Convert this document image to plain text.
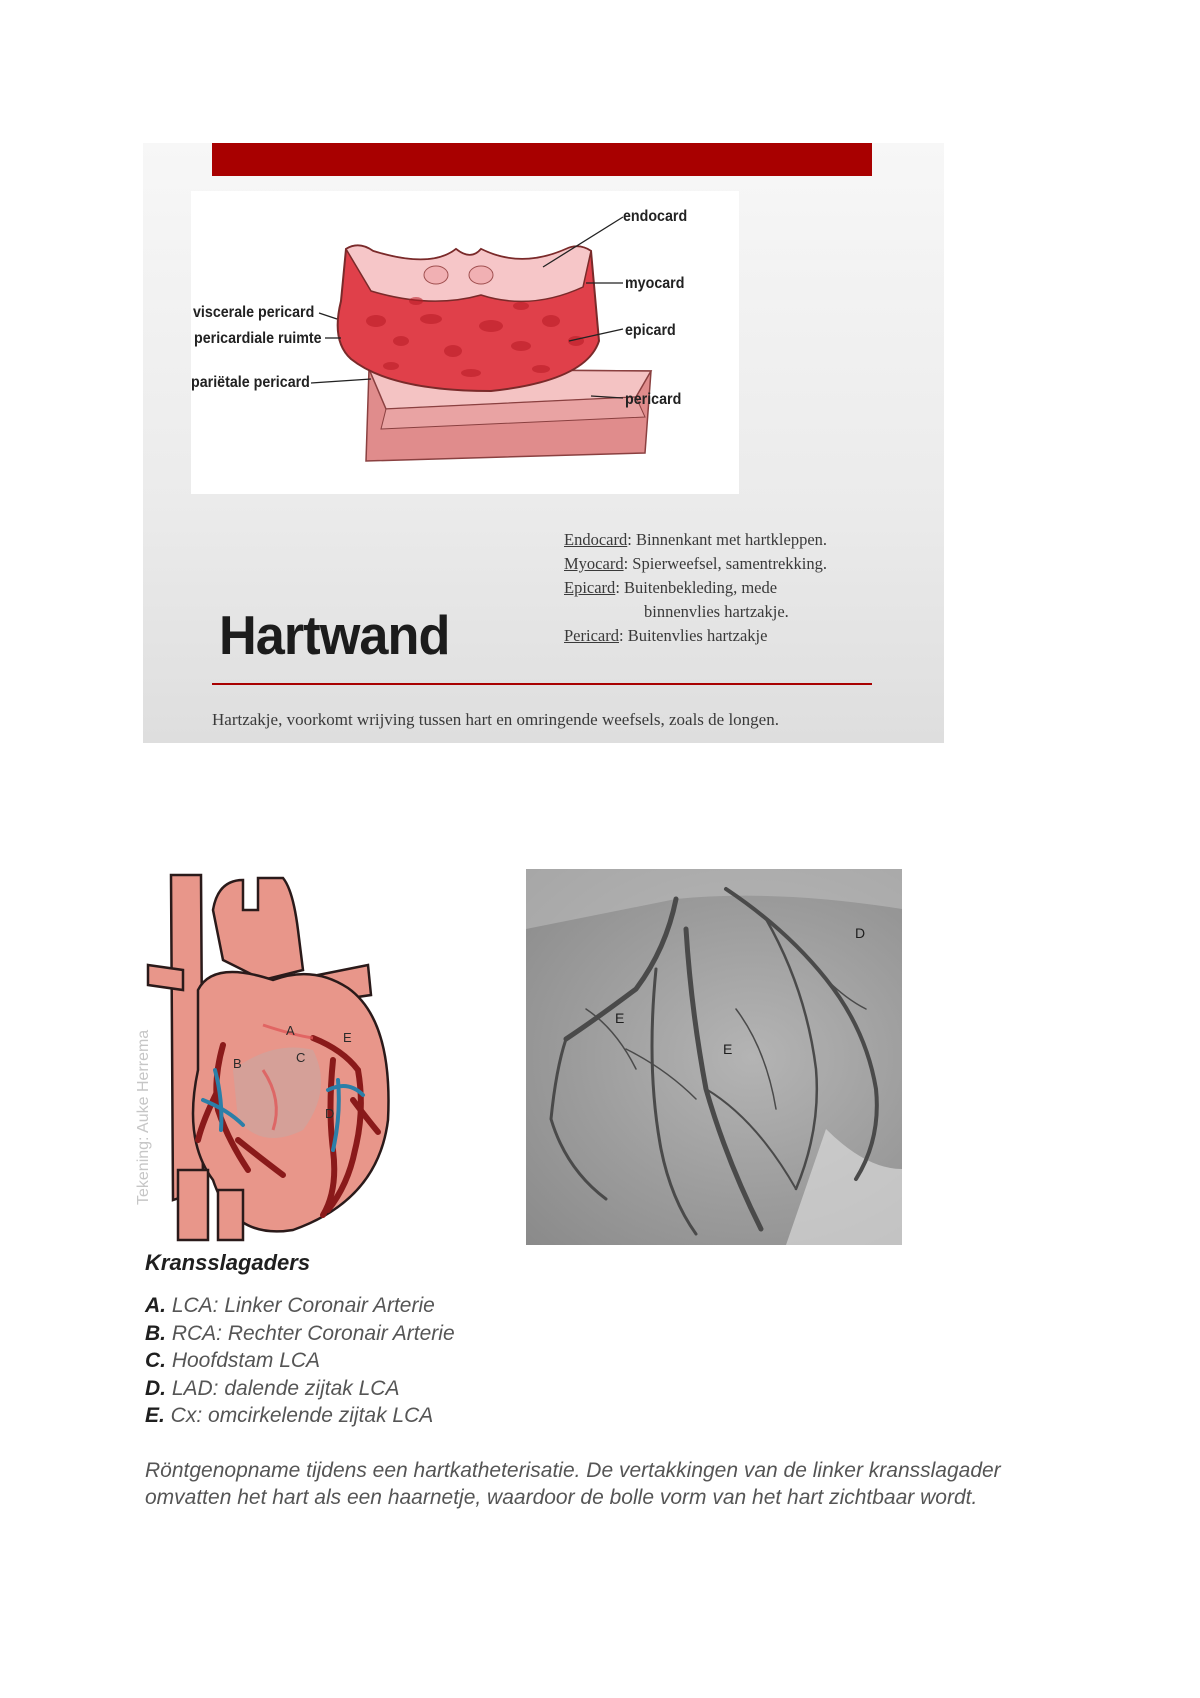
endocard
myocard
viscerale pericard
pericardiale ruimte	epicard
pariëtale pericard
pericard
Endocard: Binnenkant met hartkleppen.
Myocard: Spierweefsel, samentrekking.
Epicard: Buitenbekleding, mede
binnenvlies hartzakje.
Pericard: Buitenvlies hartzakje
Hartwand
Hartzakje, voorkomt wrijving tussen hart en omringende weefsels, zoals de longen.
Tekening: Auke Herrema	A
B	C
D
E
D
E
E
Kransslagaders
A. LCA: Linker Coronair Arterie
B. RCA: Rechter Coronair Arterie
C. Hoofdstam LCA
D. LAD: dalende zijtak LCA
E. Cx: omcirkelende zijtak LCA
Röntgenopname tijdens een hartkatheterisatie. De vertakkingen van de linker kransslagader omvatten het hart als een haarnetje, waardoor de bolle vorm van het hart zichtbaar wordt.
